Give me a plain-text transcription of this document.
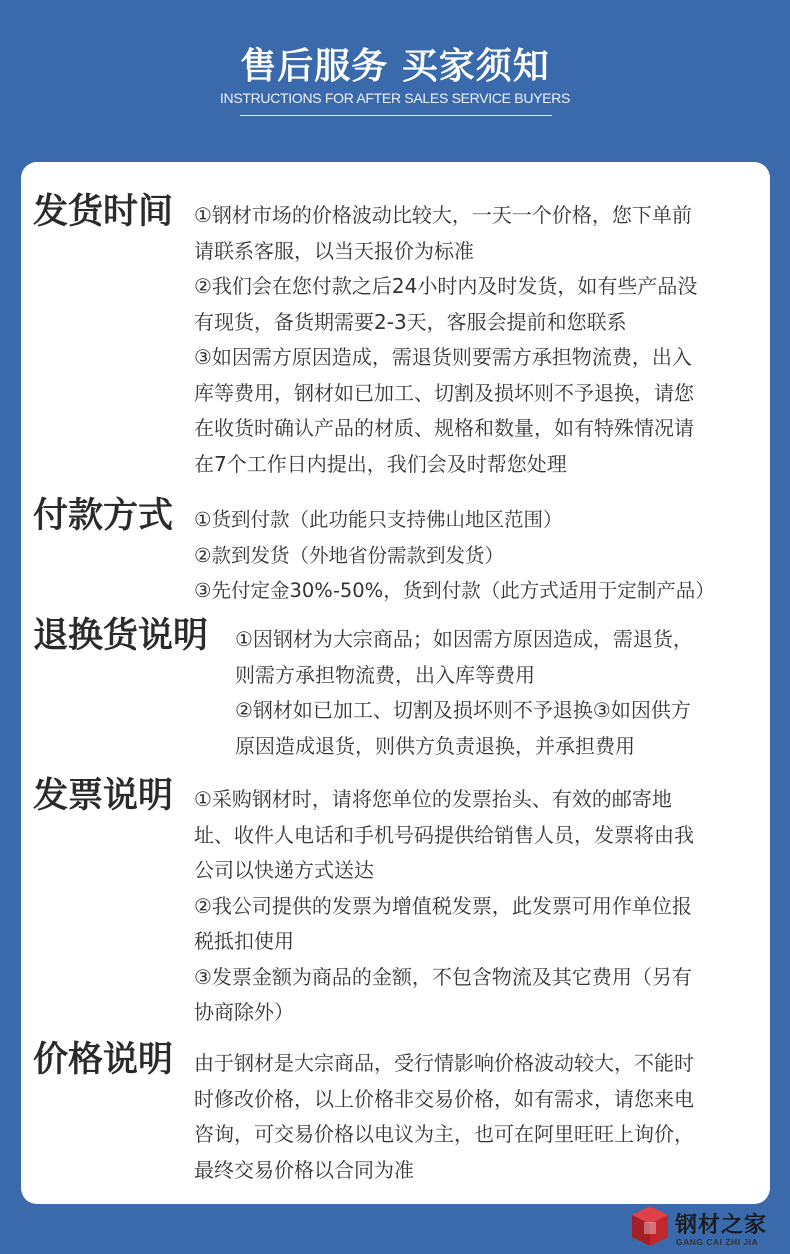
售后服务 买家须知
INSTRUCTIONS FOR AFTER SALES SERVICE BUYERS
发货时间 ①钢材市场的价格波动比较大，一天一个价格，您下单前
请联系客服，以当天报价为标准
②我们会在您付款之后24小时内及时发货，如有些产品没
有现货，备货期需要2-3天，客服会提前和您联系
③如因需方原因造成，需退货则要需方承担物流费，出入
库等费用，钢材如已加工、切割及损坏则不予退换，请您
在收货时确认产品的材质、规格和数量，如有特殊情况请
在7个工作日内提出，我们会及时帮您处理
付款方式 ①货到付款（此功能只支持佛山地区范围）
②款到发货（外地省份需款到发货）
③先付定金30%-50%，货到付款（此方式适用于定制产品）
退换货说明 ①因钢材为大宗商品；如因需方原因造成，需退货，
则需方承担物流费，出入库等费用
②钢材如已加工、切割及损坏则不予退换③如因供方
原因造成退货，则供方负责退换，并承担费用
发票说明 ①采购钢材时，请将您单位的发票抬头、有效的邮寄地
址、收件人电话和手机号码提供给销售人员，发票将由我
公司以快递方式送达
②我公司提供的发票为增值税发票，此发票可用作单位报
税抵扣使用
③发票金额为商品的金额，不包含物流及其它费用（另有
协商除外）
价格说明 由于钢材是大宗商品，受行情影响价格波动较大，不能时
时修改价格，以上价格非交易价格，如有需求，请您来电
咨询，可交易价格以电议为主，也可在阿里旺旺上询价，
最终交易价格以合同为准
钢材之家
GANG CAI ZHI JIA
